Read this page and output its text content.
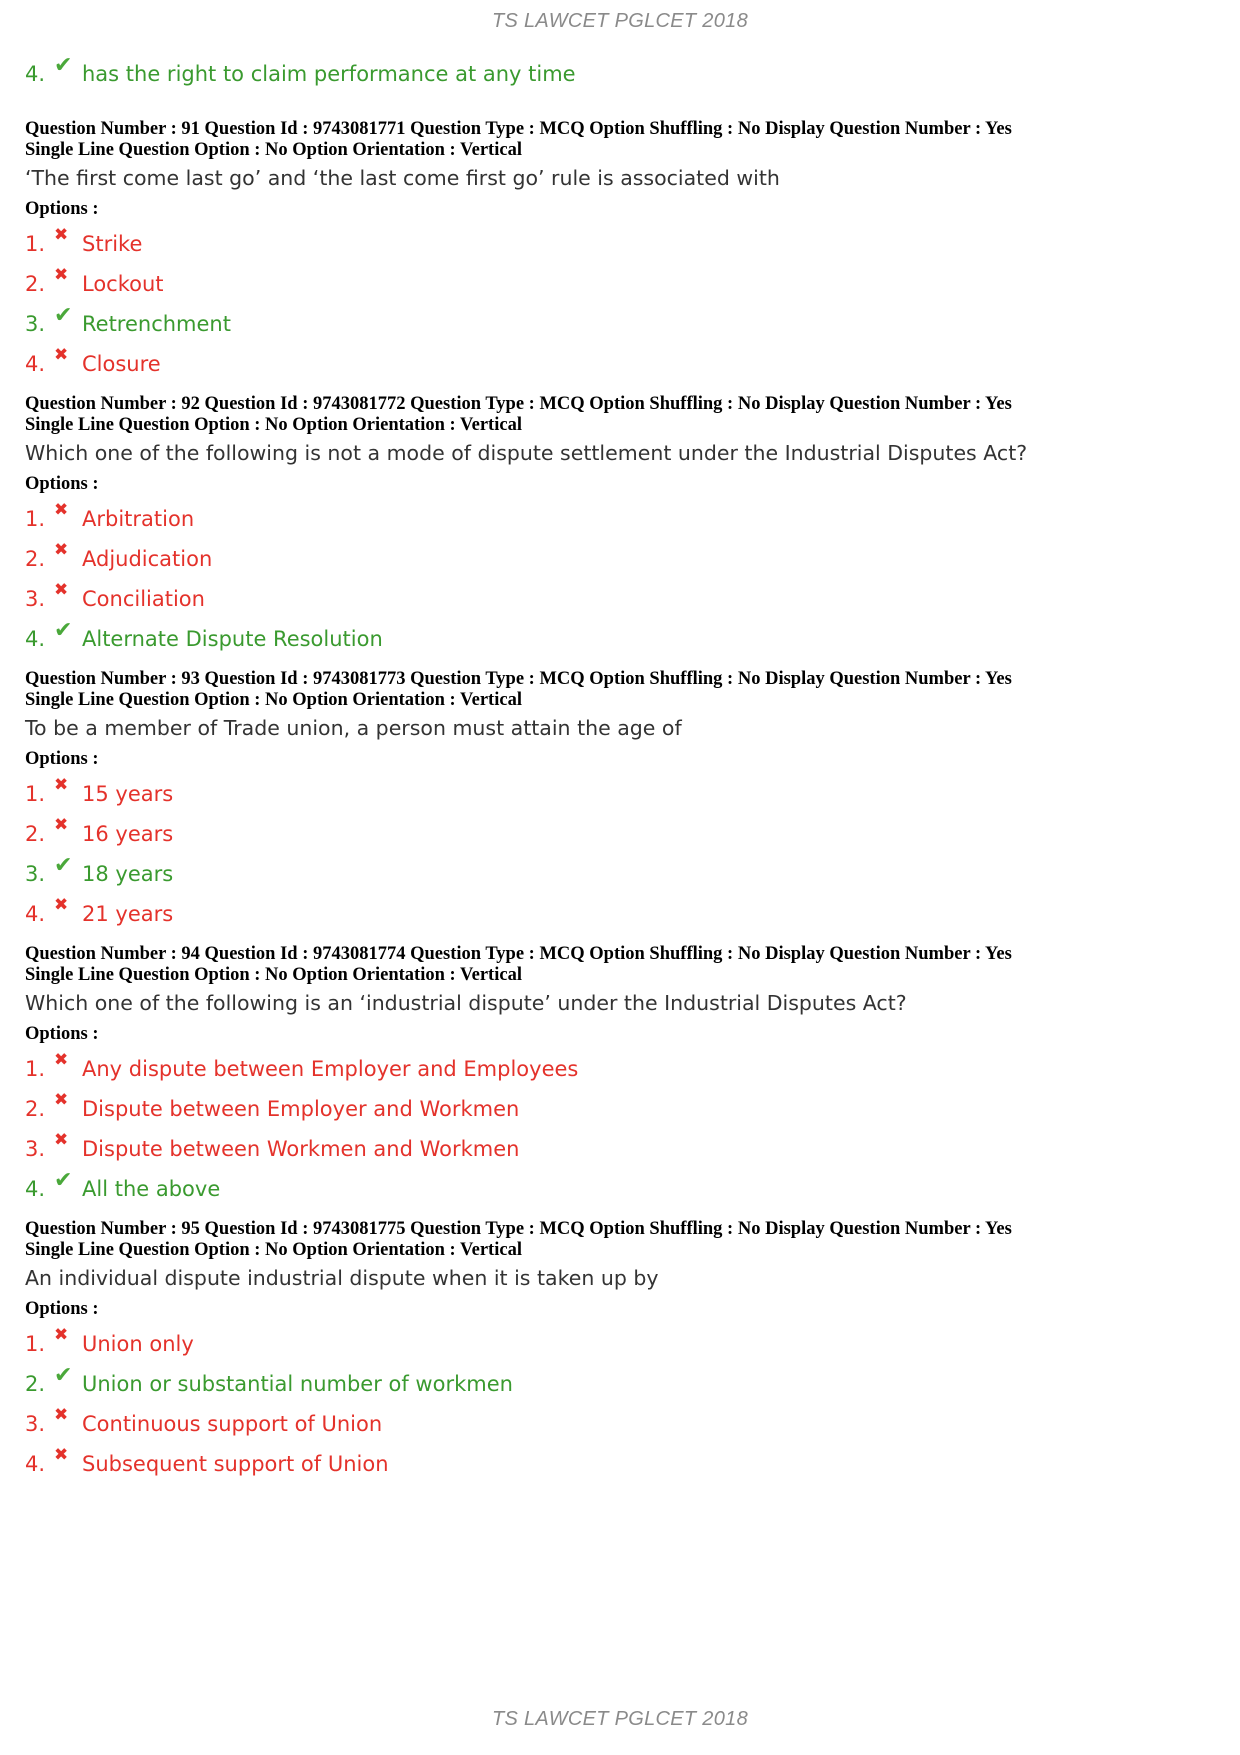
TS LAWCET PGLCET 2018
4. ✔ has the right to claim performance at any time
Question Number : 91 Question Id : 9743081771 Question Type : MCQ Option Shuffling : No Display Question Number : Yes
Single Line Question Option : No Option Orientation : Vertical
‘The first come last go’ and ‘the last come first go’ rule is associated with
Options :
1. ✖ Strike
2. ✖ Lockout
3. ✔ Retrenchment
4. ✖ Closure
Question Number : 92 Question Id : 9743081772 Question Type : MCQ Option Shuffling : No Display Question Number : Yes
Single Line Question Option : No Option Orientation : Vertical
Which one of the following is not a mode of dispute settlement under the Industrial Disputes Act?
Options :
1. ✖ Arbitration
2. ✖ Adjudication
3. ✖ Conciliation
4. ✔ Alternate Dispute Resolution
Question Number : 93 Question Id : 9743081773 Question Type : MCQ Option Shuffling : No Display Question Number : Yes
Single Line Question Option : No Option Orientation : Vertical
To be a member of Trade union, a person must attain the age of
Options :
1. ✖ 15 years
2. ✖ 16 years
3. ✔ 18 years
4. ✖ 21 years
Question Number : 94 Question Id : 9743081774 Question Type : MCQ Option Shuffling : No Display Question Number : Yes
Single Line Question Option : No Option Orientation : Vertical
Which one of the following is an ‘industrial dispute’ under the Industrial Disputes Act?
Options :
1. ✖ Any dispute between Employer and Employees
2. ✖ Dispute between Employer and Workmen
3. ✖ Dispute between Workmen and Workmen
4. ✔ All the above
Question Number : 95 Question Id : 9743081775 Question Type : MCQ Option Shuffling : No Display Question Number : Yes
Single Line Question Option : No Option Orientation : Vertical
An individual dispute industrial dispute when it is taken up by
Options :
1. ✖ Union only
2. ✔ Union or substantial number of workmen
3. ✖ Continuous support of Union
4. ✖ Subsequent support of Union
TS LAWCET PGLCET 2018
